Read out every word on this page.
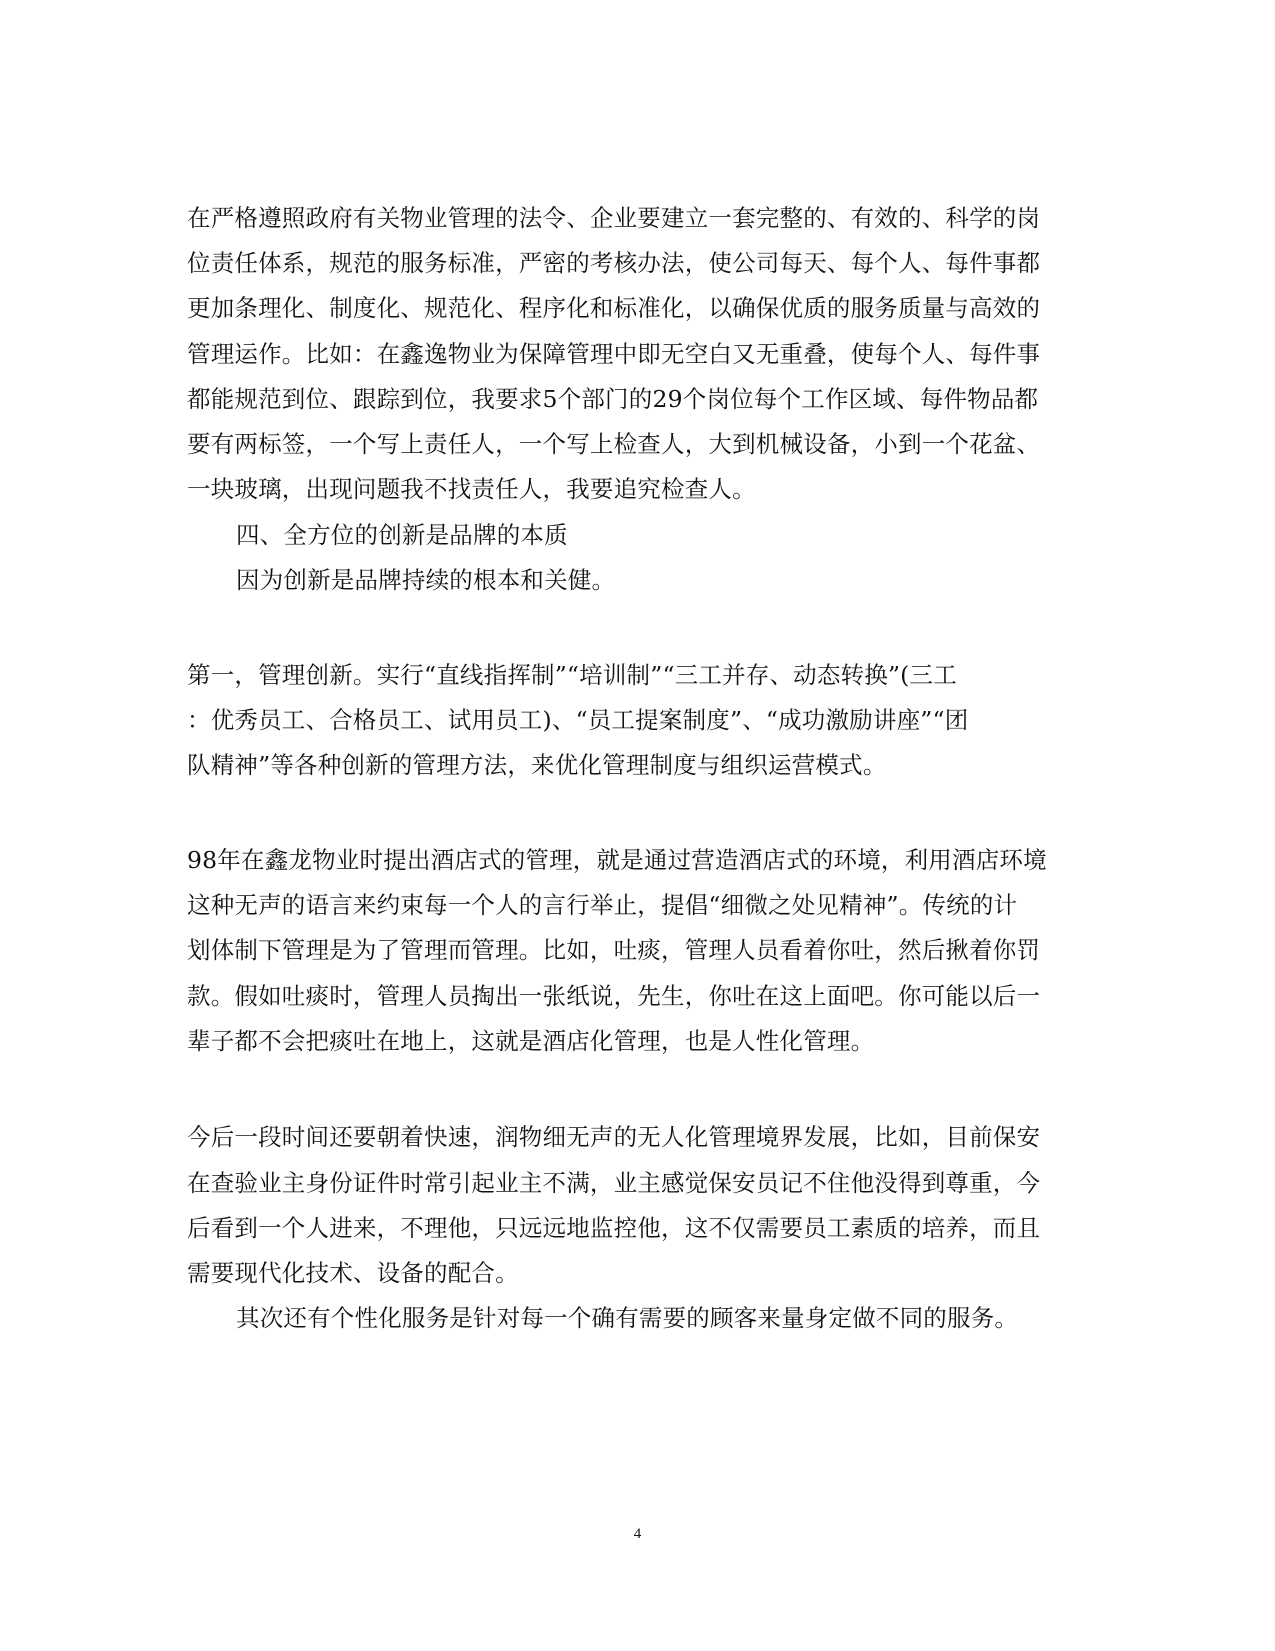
在严格遵照政府有关物业管理的法令、企业要建立一套完整的、有效的、科学的岗
位责任体系，规范的服务标准，严密的考核办法，使公司每天、每个人、每件事都
更加条理化、制度化、规范化、程序化和标准化，以确保优质的服务质量与高效的
管理运作。比如：在鑫逸物业为保障管理中即无空白又无重叠，使每个人、每件事
都能规范到位、跟踪到位，我要求5个部门的29个岗位每个工作区域、每件物品都
要有两标签，一个写上责任人，一个写上检查人，大到机械设备，小到一个花盆、
一块玻璃，出现问题我不找责任人，我要追究检查人。
四、全方位的创新是品牌的本质
因为创新是品牌持续的根本和关健。
第一，管理创新。实行“直线指挥制”“培训制”“三工并存、动态转换”(三工
：优秀员工、合格员工、试用员工)、“员工提案制度”、“成功激励讲座”“团
队精神”等各种创新的管理方法，来优化管理制度与组织运营模式。
98年在鑫龙物业时提出酒店式的管理，就是通过营造酒店式的环境，利用酒店环境
这种无声的语言来约束每一个人的言行举止，提倡“细微之处见精神”。传统的计
划体制下管理是为了管理而管理。比如，吐痰，管理人员看着你吐，然后揪着你罚
款。假如吐痰时，管理人员掏出一张纸说，先生，你吐在这上面吧。你可能以后一
辈子都不会把痰吐在地上，这就是酒店化管理，也是人性化管理。
今后一段时间还要朝着快速，润物细无声的无人化管理境界发展，比如，目前保安
在查验业主身份证件时常引起业主不满，业主感觉保安员记不住他没得到尊重，今
后看到一个人进来，不理他，只远远地监控他，这不仅需要员工素质的培养，而且
需要现代化技术、设备的配合。
其次还有个性化服务是针对每一个确有需要的顾客来量身定做不同的服务。
4
